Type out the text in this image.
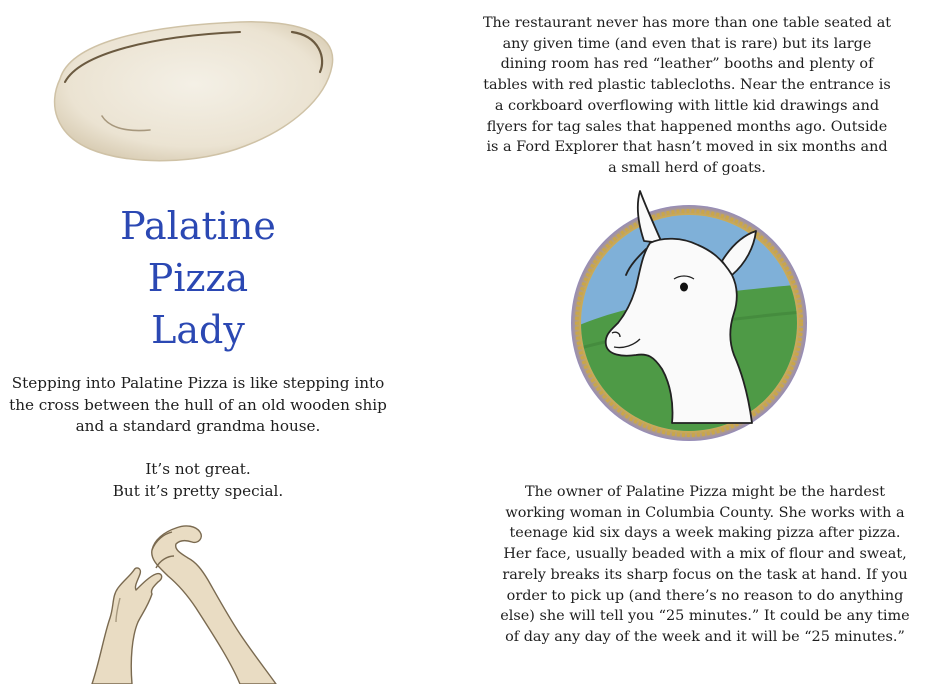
Palatine
Pizza
Lady

Stepping into Palatine Pizza is like stepping into the cross between the hull of an old wooden ship and a standard grandma house.

It’s not great.

But it’s pretty special.

The restaurant never has more than one table seated at any given time (and even that is rare) but its large dining room has red “leather” booths and plenty of tables with red plastic tablecloths. Near the entrance is a corkboard overflowing with little kid drawings and flyers for tag sales that happened months ago. Outside is a Ford Explorer that hasn’t moved in six months and a small herd of goats.
The owner of Palatine Pizza might be the hardest working woman in Columbia County. She works with a teenage kid six days a week making pizza after pizza. Her face, usually beaded with a mix of flour and sweat, rarely breaks its sharp focus on the task at hand. If you order to pick up (and there’s no reason to do anything else) she will tell you “25 minutes.” It could be any time of day any day of the week and it will be “25 minutes.”
